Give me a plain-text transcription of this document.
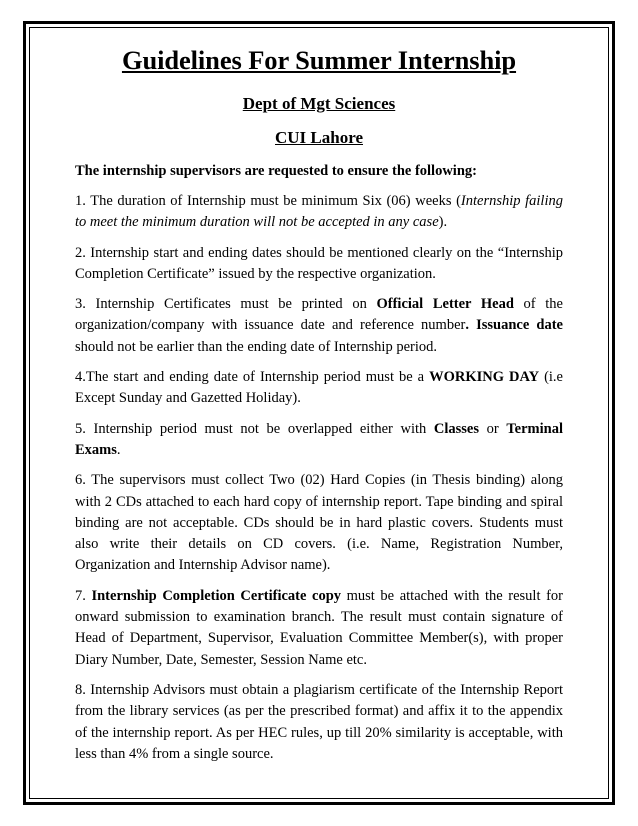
Guidelines For Summer Internship
Dept of Mgt Sciences
CUI Lahore
The internship supervisors are requested to ensure the following:

1. The duration of Internship must be minimum Six (06) weeks (Internship failing to meet the minimum duration will not be accepted in any case).

2. Internship start and ending dates should be mentioned clearly on the “Internship Completion Certificate” issued by the respective organization.

3. Internship Certificates must be printed on Official Letter Head of the organization/company with issuance date and reference number. Issuance date should not be earlier than the ending date of Internship period.

4.The start and ending date of Internship period must be a WORKING DAY (i.e Except Sunday and Gazetted Holiday).

5. Internship period must not be overlapped either with Classes or Terminal Exams.

6. The supervisors must collect Two (02) Hard Copies (in Thesis binding) along with 2 CDs attached to each hard copy of internship report. Tape binding and spiral binding are not acceptable. CDs should be in hard plastic covers. Students must also write their details on CD covers. (i.e. Name, Registration Number, Organization and Internship Advisor name).

7. Internship Completion Certificate copy must be attached with the result for onward submission to examination branch. The result must contain signature of Head of Department, Supervisor, Evaluation Committee Member(s), with proper Diary Number, Date, Semester, Session Name etc.

8. Internship Advisors must obtain a plagiarism certificate of the Internship Report from the library services (as per the prescribed format) and affix it to the appendix of the internship report. As per HEC rules, up till 20% similarity is acceptable, with less than 4% from a single source.
